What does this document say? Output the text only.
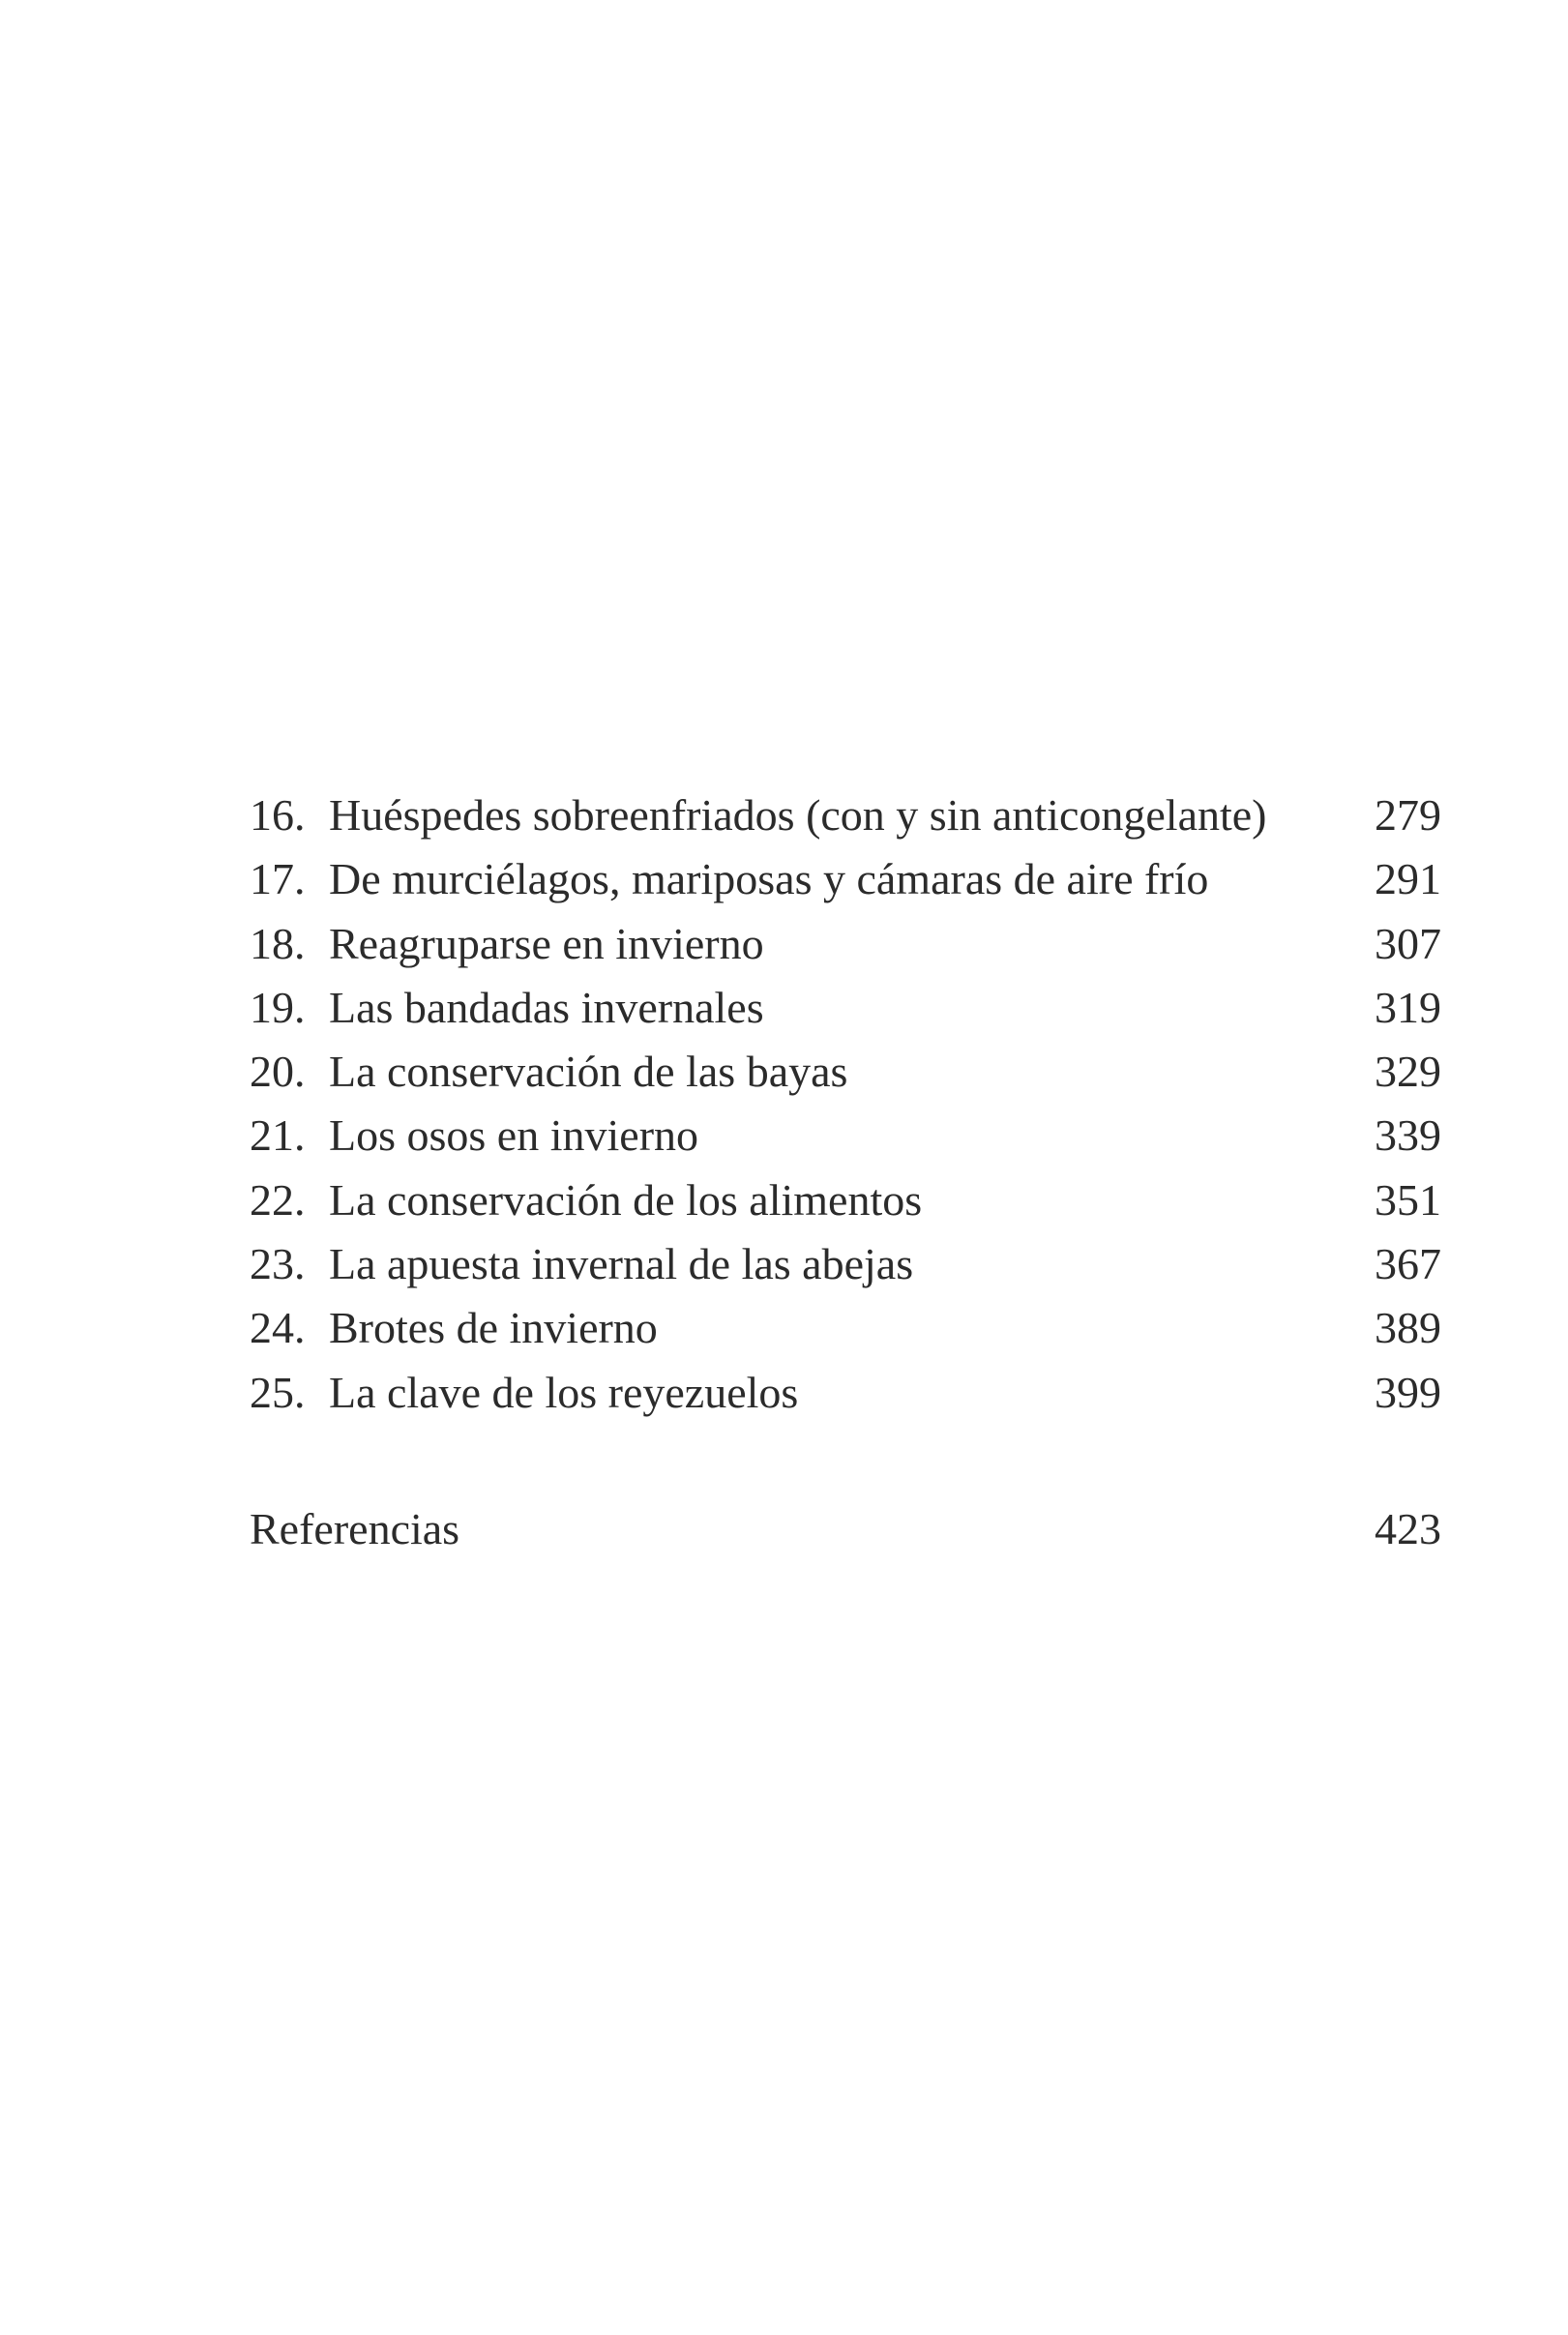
16. Huéspedes sobreenfriados (con y sin anticongelante) 279
17. De murciélagos, mariposas y cámaras de aire frío	291
18. Reagruparse en invierno	307
19. Las bandadas invernales	319
20. La conservación de las bayas	329
21. Los osos en invierno	339
22. La conservación de los alimentos	351
23. La apuesta invernal de las abejas	367
24. Brotes de invierno	389
25. La clave de los reyezuelos	399
Referencias	423
